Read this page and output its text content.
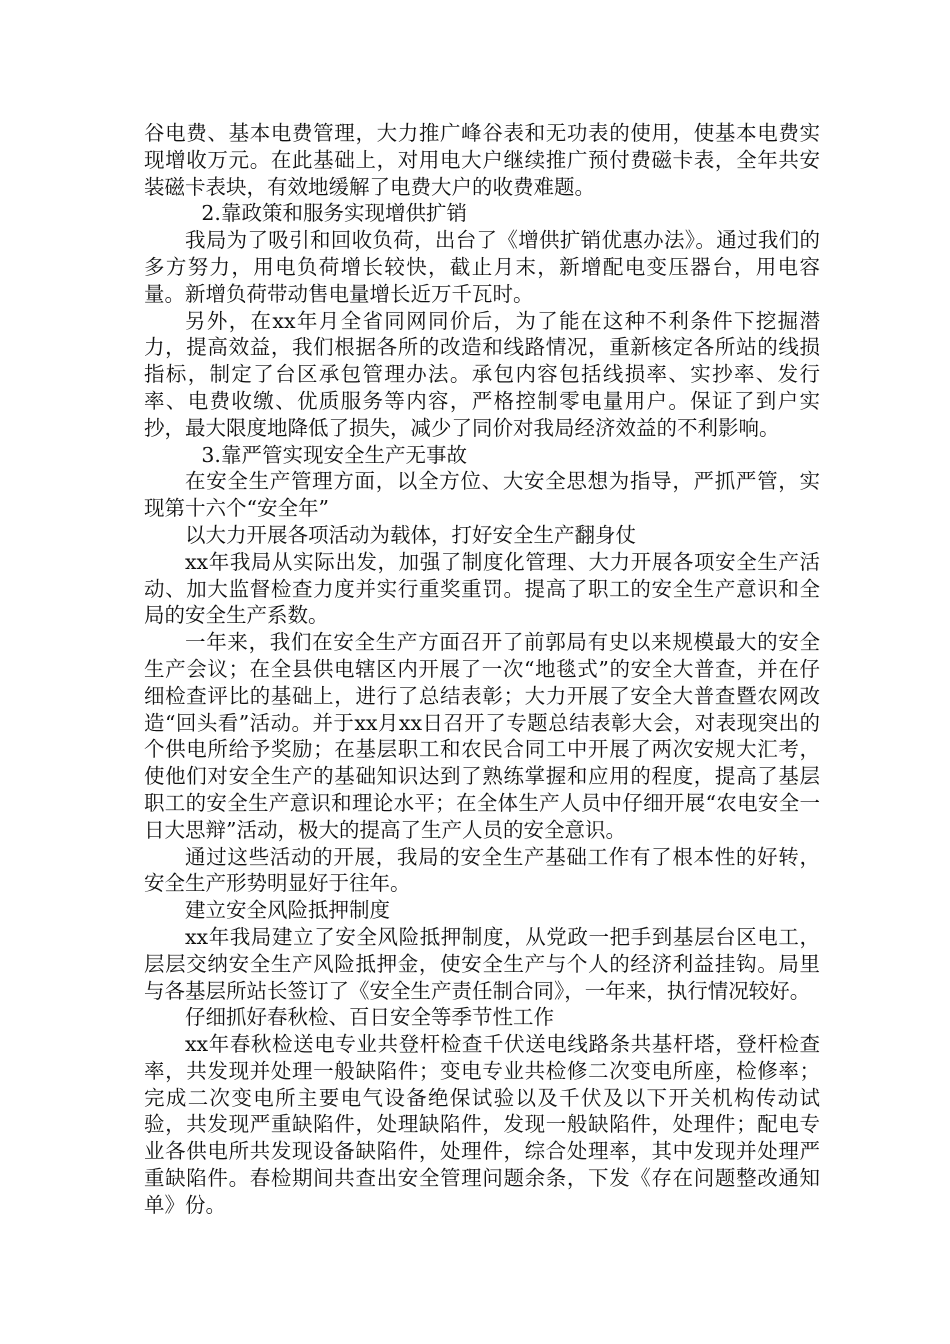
谷电费、基本电费管理，大力推广峰谷表和无功表的使用，使基本电费实现增收万元。在此基础上，对用电大户继续推广预付费磁卡表，全年共安装磁卡表块，有效地缓解了电费大户的收费难题。

2.靠政策和服务实现增供扩销

我局为了吸引和回收负荷，出台了《增供扩销优惠办法》。通过我们的多方努力，用电负荷增长较快，截止月末，新增配电变压器台，用电容量。新增负荷带动售电量增长近万千瓦时。

另外，在xx年月全省同网同价后，为了能在这种不利条件下挖掘潜力，提高效益，我们根据各所的改造和线路情况，重新核定各所站的线损指标，制定了台区承包管理办法。承包内容包括线损率、实抄率、发行率、电费收缴、优质服务等内容，严格控制零电量用户。保证了到户实抄，最大限度地降低了损失，减少了同价对我局经济效益的不利影响。

3.靠严管实现安全生产无事故

在安全生产管理方面，以全方位、大安全思想为指导，严抓严管，实现第十六个“安全年”

以大力开展各项活动为载体，打好安全生产翻身仗

xx年我局从实际出发，加强了制度化管理、大力开展各项安全生产活动、加大监督检查力度并实行重奖重罚。提高了职工的安全生产意识和全局的安全生产系数。

一年来，我们在安全生产方面召开了前郭局有史以来规模最大的安全生产会议；在全县供电辖区内开展了一次“地毯式”的安全大普查，并在仔细检查评比的基础上，进行了总结表彰；大力开展了安全大普查暨农网改造“回头看”活动。并于xx月xx日召开了专题总结表彰大会，对表现突出的个供电所给予奖励；在基层职工和农民合同工中开展了两次安规大汇考，使他们对安全生产的基础知识达到了熟练掌握和应用的程度，提高了基层职工的安全生产意识和理论水平；在全体生产人员中仔细开展“农电安全一日大思辩”活动，极大的提高了生产人员的安全意识。

通过这些活动的开展，我局的安全生产基础工作有了根本性的好转，安全生产形势明显好于往年。

建立安全风险抵押制度

xx年我局建立了安全风险抵押制度，从党政一把手到基层台区电工，层层交纳安全生产风险抵押金，使安全生产与个人的经济利益挂钩。局里与各基层所站长签订了《安全生产责任制合同》，一年来，执行情况较好。

仔细抓好春秋检、百日安全等季节性工作

xx年春秋检送电专业共登杆检查千伏送电线路条共基杆塔，登杆检查率，共发现并处理一般缺陷件；变电专业共检修二次变电所座，检修率；完成二次变电所主要电气设备绝保试验以及千伏及以下开关机构传动试验，共发现严重缺陷件，处理缺陷件，发现一般缺陷件，处理件；配电专业各供电所共发现设备缺陷件，处理件，综合处理率，其中发现并处理严重缺陷件。春检期间共查出安全管理问题余条，下发《存在问题整改通知单》份。
